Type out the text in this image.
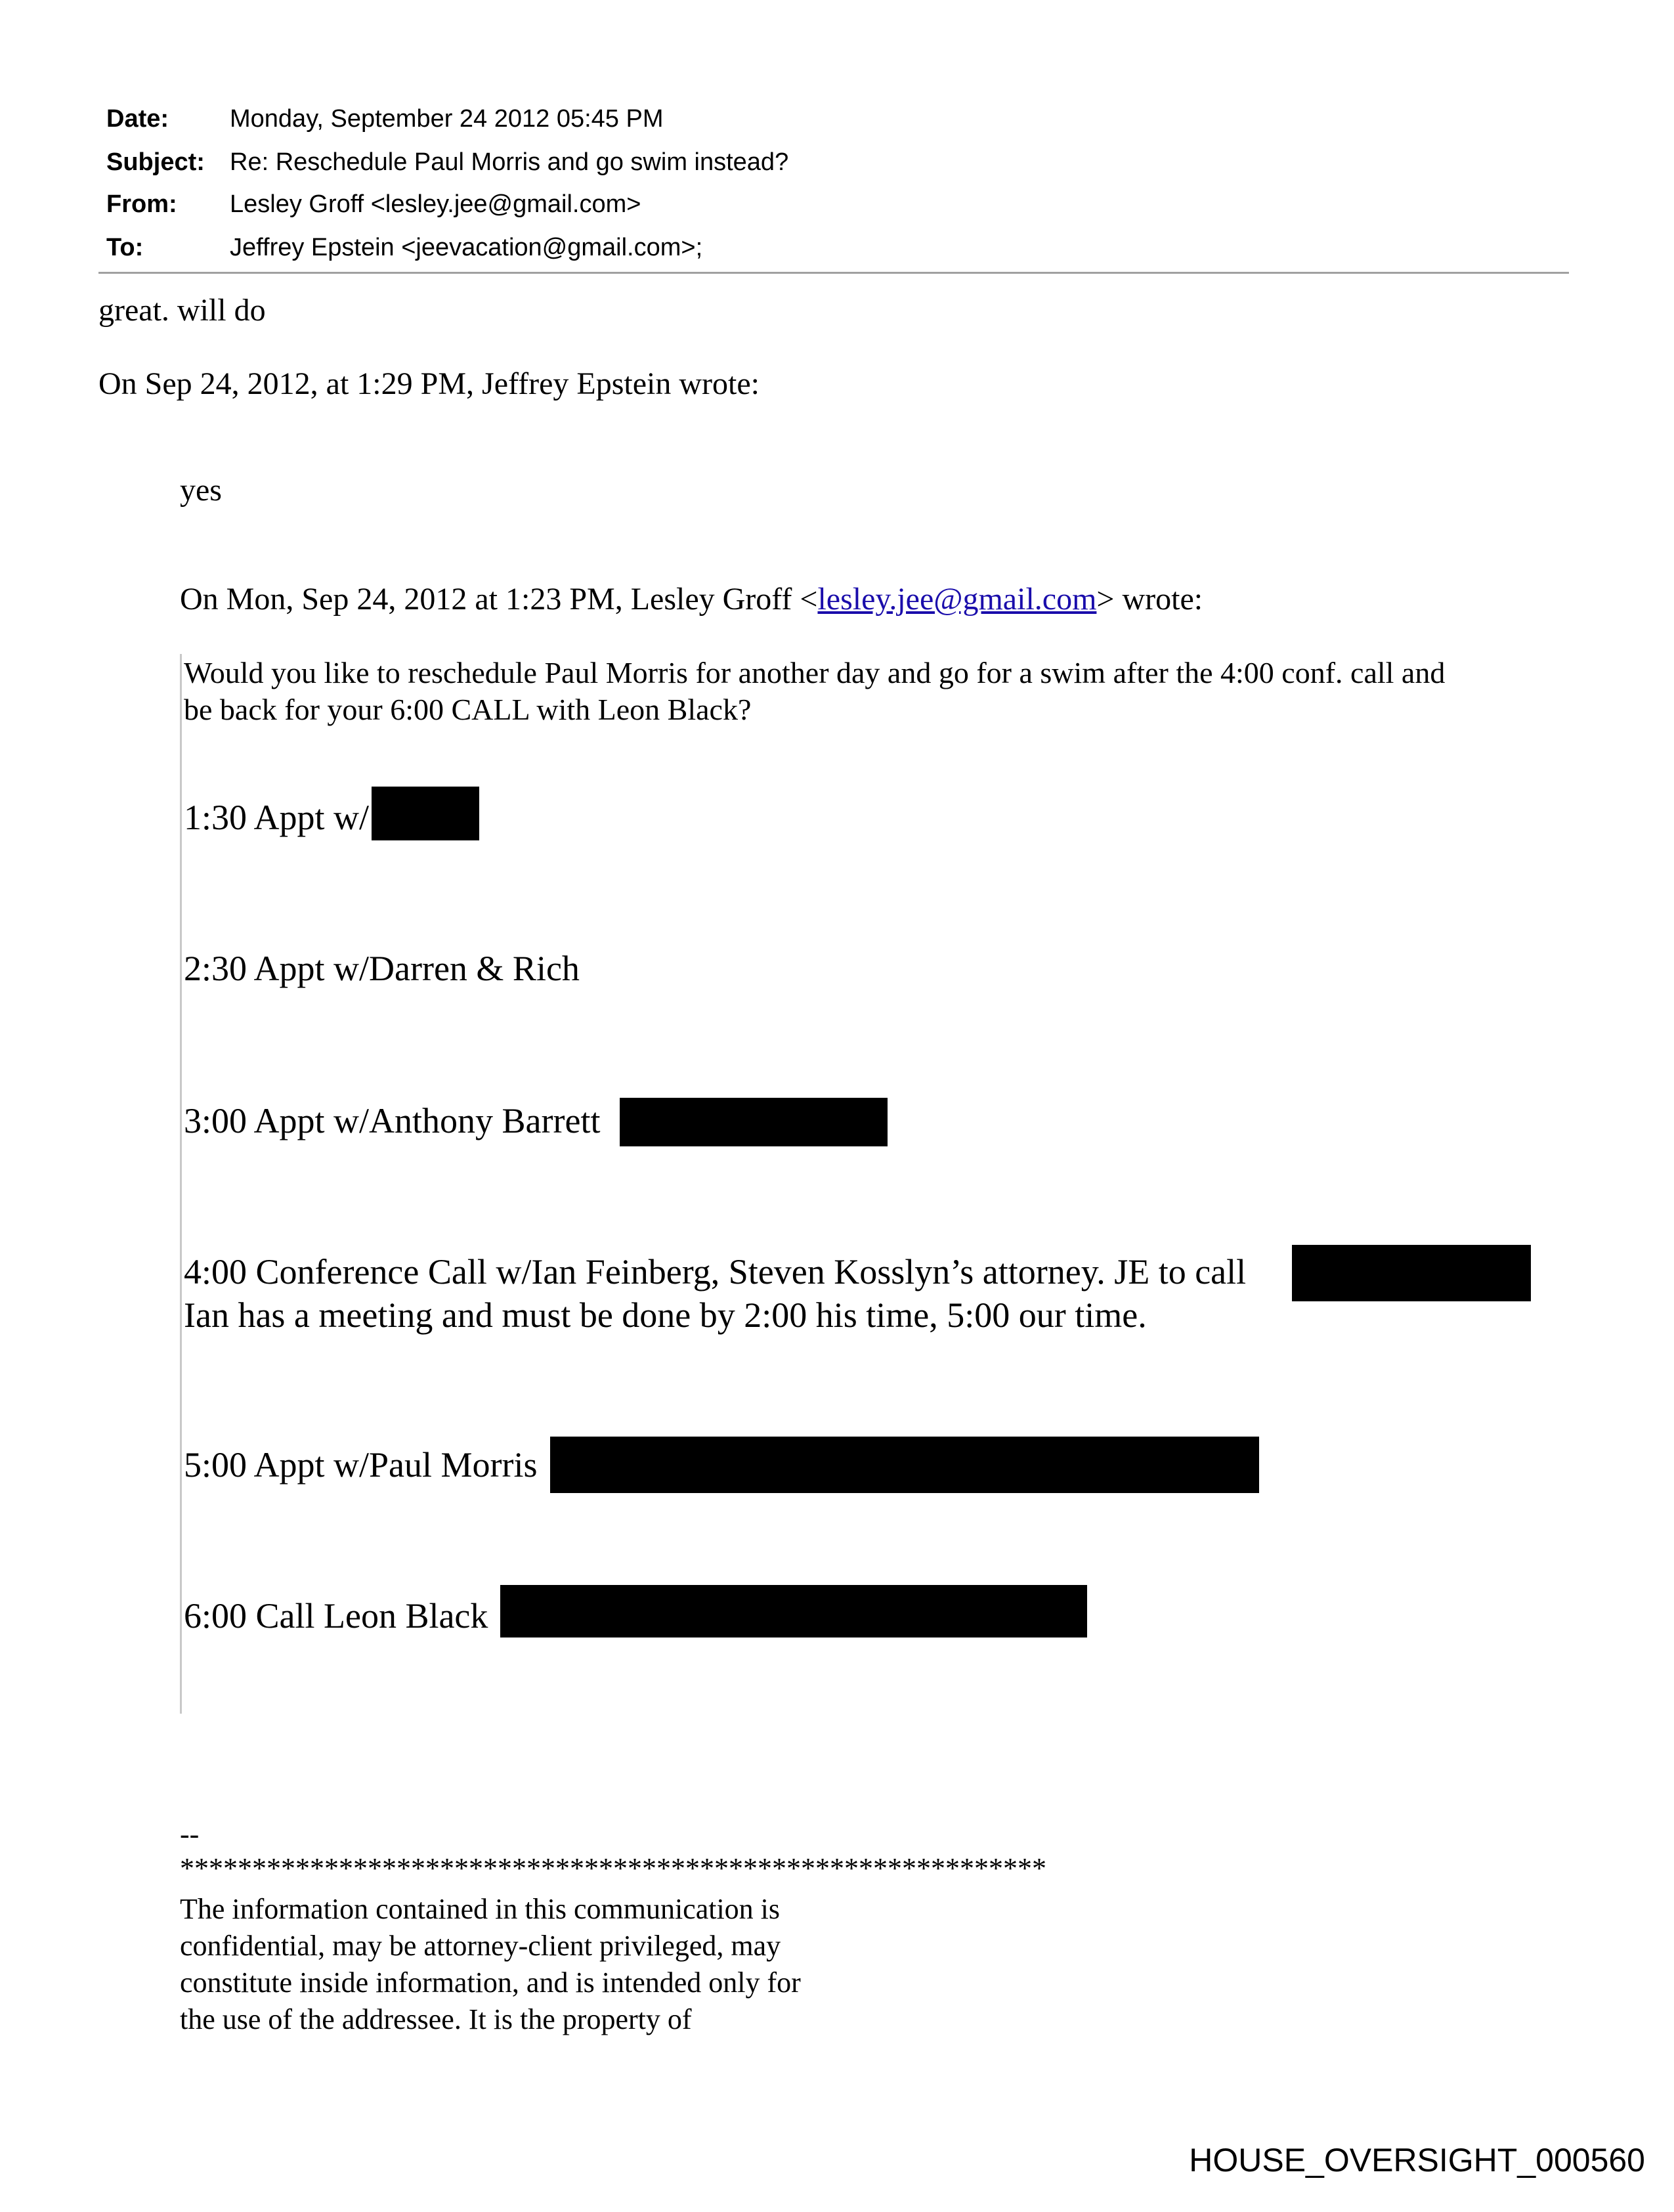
Date: Monday, September 24 2012 05:45 PM
Subject: Re: Reschedule Paul Morris and go swim instead?
From: Lesley Groff <lesley.jee@gmail.com>
To:	Jeffrey Epstein <jeevacation@gmail.com>;
great. will do
On Sep 24, 2012, at 1:29 PM, Jeffrey Epstein wrote:
yes
On Mon, Sep 24, 2012 at 1:23 PM, Lesley Groff <lesley.jee@gmail.com> wrote:
Would you like to reschedule Paul Morris for another day and go for a swim after the 4:00 conf. call and
be back for your 6:00 CALL with Leon Black?
1:30 Appt w/
2:30 Appt w/Darren & Rich
3:00 Appt w/Anthony Barrett
4:00 Conference Call w/Ian Feinberg, Steven Kosslyn’s attorney. JE to call
Ian has a meeting and must be done by 2:00 his time, 5:00 our time.
5:00 Appt w/Paul Morris
6:00 Call Leon Black
--
************************************************************
The information contained in this communication is
confidential, may be attorney-client privileged, may
constitute inside information, and is intended only for
the use of the addressee. It is the property of
HOUSE_OVERSIGHT_000560
